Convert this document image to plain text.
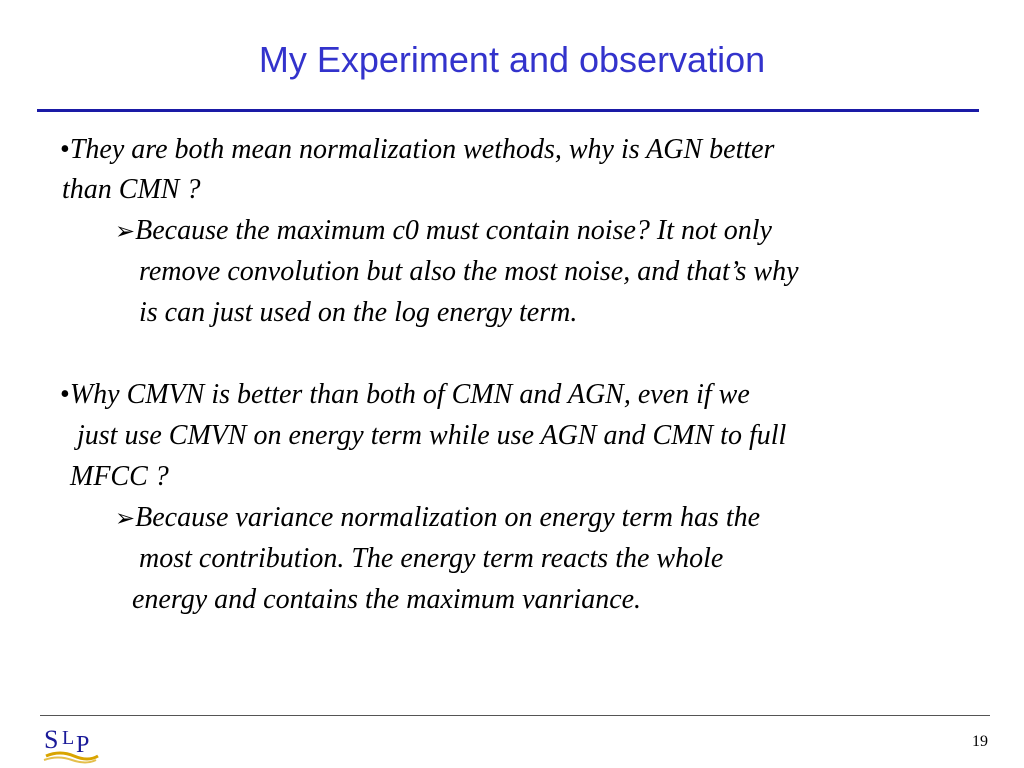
My Experiment and observation
•They are both mean normalization wethods, why is AGN better
than CMN ?
➢Because the maximum c0 must contain noise? It not only
remove convolution but also the most noise, and that’s why
is can just used on the log energy term.
•Why CMVN is better than both of CMN and AGN, even if we
just use CMVN on energy term while use AGN and CMN to full
MFCC ?
➢Because variance normalization on energy term has the
most contribution. The energy term reacts the whole
energy and contains the maximum vanriance.
S L P	19
